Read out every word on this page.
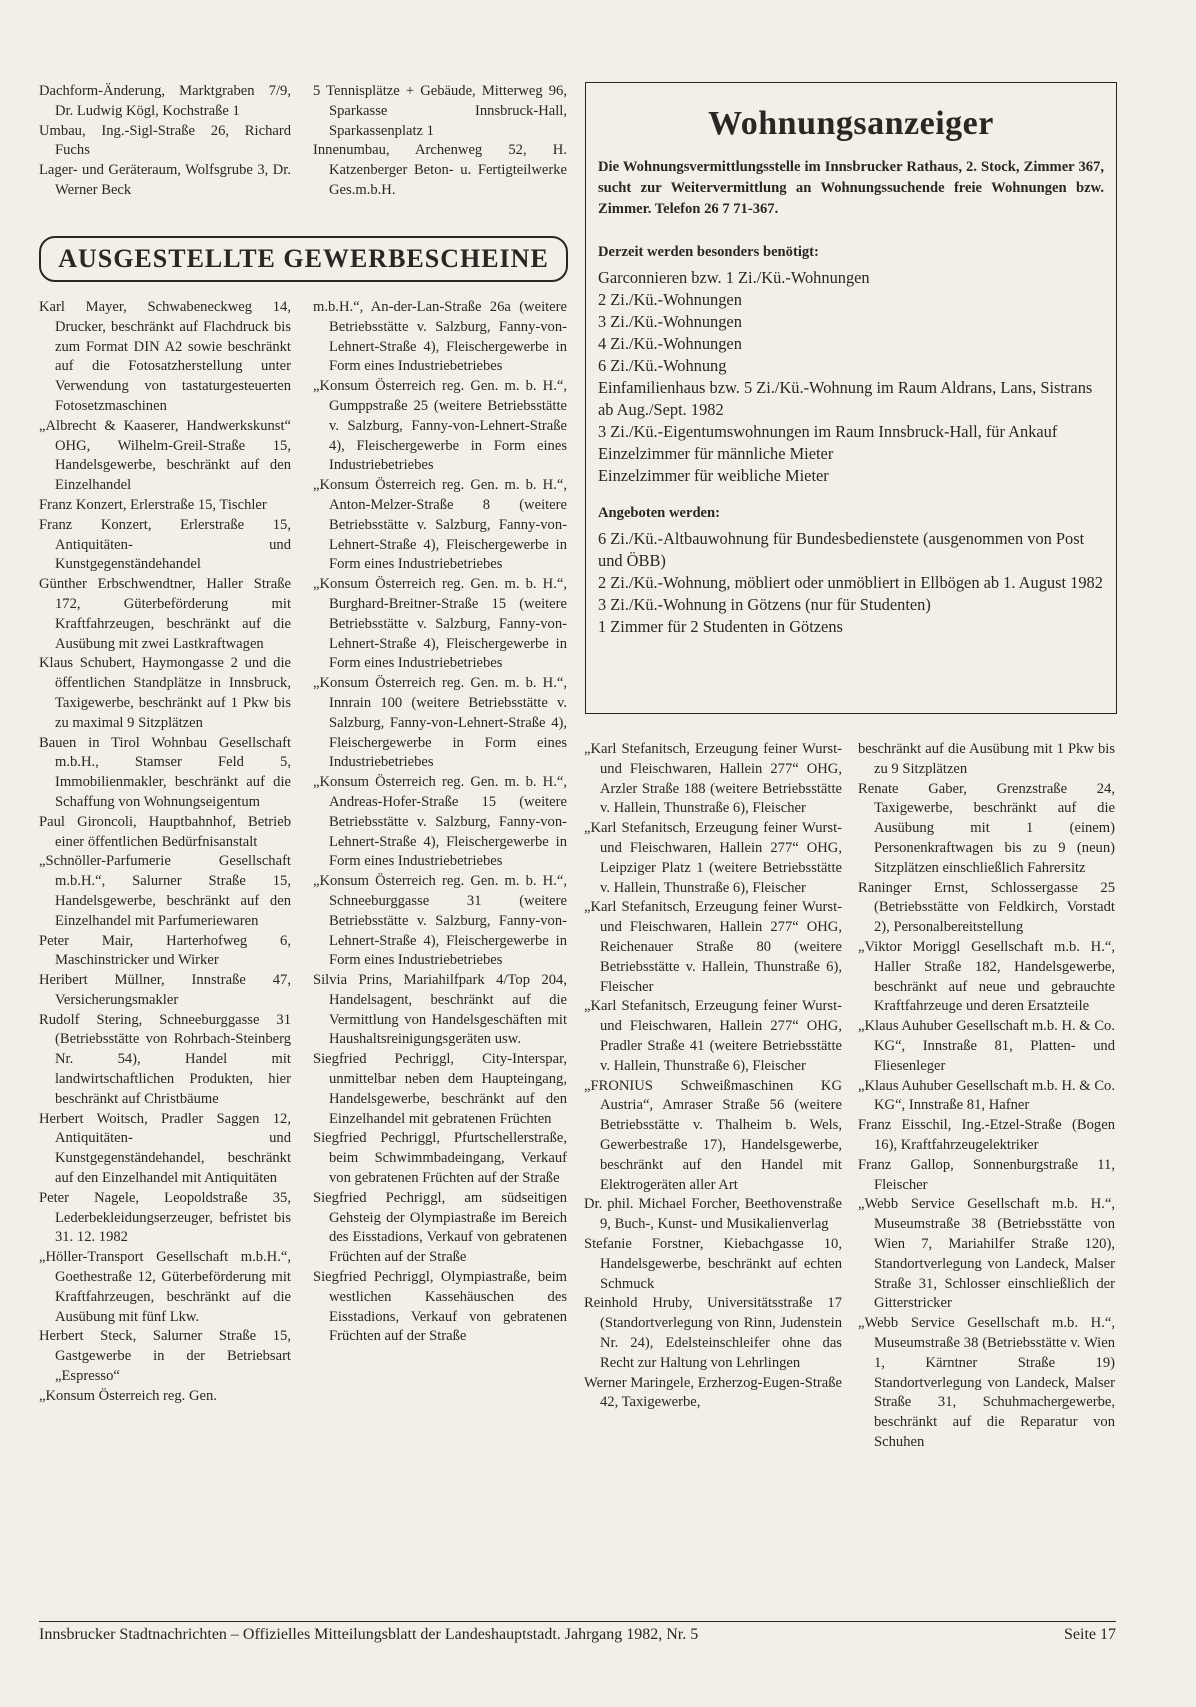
Dachform-Änderung, Marktgraben 7/9, Dr. Ludwig Kögl, Kochstraße 1
Umbau, Ing.-Sigl-Straße 26, Richard Fuchs
Lager- und Geräteraum, Wolfsgrube 3, Dr. Werner Beck
5 Tennisplätze + Gebäude, Mitterweg 96, Sparkasse Innsbruck-Hall, Sparkassenplatz 1
Innenumbau, Archenweg 52, H. Katzenberger Beton- u. Fertigteilwerke Ges.m.b.H.
AUSGESTELLTE GEWERBESCHEINE
Karl Mayer, Schwabeneckweg 14, Drucker, beschränkt auf Flachdruck bis zum Format DIN A2 sowie beschränkt auf die Fotosatzherstellung unter Verwendung von tastaturgesteuerten Fotosetzmaschinen
„Albrecht & Kaaserer, Handwerkskunst“ OHG, Wilhelm-Greil-Straße 15, Handelsgewerbe, beschränkt auf den Einzelhandel
Franz Konzert, Erlerstraße 15, Tischler
Franz Konzert, Erlerstraße 15, Antiquitäten- und Kunstgegenständehandel
Günther Erbschwendtner, Haller Straße 172, Güterbeförderung mit Kraftfahrzeugen, beschränkt auf die Ausübung mit zwei Lastkraftwagen
Klaus Schubert, Haymongasse 2 und die öffentlichen Standplätze in Innsbruck, Taxigewerbe, beschränkt auf 1 Pkw bis zu maximal 9 Sitzplätzen
Bauen in Tirol Wohnbau Gesellschaft m.b.H., Stamser Feld 5, Immobilienmakler, beschränkt auf die Schaffung von Wohnungseigentum
Paul Gironcoli, Hauptbahnhof, Betrieb einer öffentlichen Bedürfnisanstalt
„Schnöller-Parfumerie Gesellschaft m.b.H.“, Salurner Straße 15, Handelsgewerbe, beschränkt auf den Einzelhandel mit Parfumeriewaren
Peter Mair, Harterhofweg 6, Maschinstricker und Wirker
Heribert Müllner, Innstraße 47, Versicherungsmakler
Rudolf Stering, Schneeburggasse 31 (Betriebsstätte von Rohrbach-Steinberg Nr. 54), Handel mit landwirtschaftlichen Produkten, hier beschränkt auf Christbäume
Herbert Woitsch, Pradler Saggen 12, Antiquitäten- und Kunstgegenständehandel, beschränkt auf den Einzelhandel mit Antiquitäten
Peter Nagele, Leopoldstraße 35, Lederbekleidungserzeuger, befristet bis 31. 12. 1982
„Höller-Transport Gesellschaft m.b.H.“, Goethestraße 12, Güterbeförderung mit Kraftfahrzeugen, beschränkt auf die Ausübung mit fünf Lkw.
Herbert Steck, Salurner Straße 15, Gastgewerbe in der Betriebsart „Espresso“
„Konsum Österreich reg. Gen.
m.b.H.“, An-der-Lan-Straße 26a (weitere Betriebsstätte v. Salzburg, Fanny-von-Lehnert-Straße 4), Fleischergewerbe in Form eines Industriebetriebes
„Konsum Österreich reg. Gen. m. b. H.“, Gumppstraße 25 (weitere Betriebsstätte v. Salzburg, Fanny-von-Lehnert-Straße 4), Fleischergewerbe in Form eines Industriebetriebes
„Konsum Österreich reg. Gen. m. b. H.“, Anton-Melzer-Straße 8 (weitere Betriebsstätte v. Salzburg, Fanny-von-Lehnert-Straße 4), Fleischergewerbe in Form eines Industriebetriebes
„Konsum Österreich reg. Gen. m. b. H.“, Burghard-Breitner-Straße 15 (weitere Betriebsstätte v. Salzburg, Fanny-von-Lehnert-Straße 4), Fleischergewerbe in Form eines Industriebetriebes
„Konsum Österreich reg. Gen. m. b. H.“, Innrain 100 (weitere Betriebsstätte v. Salzburg, Fanny-von-Lehnert-Straße 4), Fleischergewerbe in Form eines Industriebetriebes
„Konsum Österreich reg. Gen. m. b. H.“, Andreas-Hofer-Straße 15 (weitere Betriebsstätte v. Salzburg, Fanny-von-Lehnert-Straße 4), Fleischergewerbe in Form eines Industriebetriebes
„Konsum Österreich reg. Gen. m. b. H.“, Schneeburggasse 31 (weitere Betriebsstätte v. Salzburg, Fanny-von-Lehnert-Straße 4), Fleischergewerbe in Form eines Industriebetriebes
Silvia Prins, Mariahilfpark 4/Top 204, Handelsagent, beschränkt auf die Vermittlung von Handelsgeschäften mit Haushaltsreinigungsgeräten usw.
Siegfried Pechriggl, City-Interspar, unmittelbar neben dem Haupteingang, Handelsgewerbe, beschränkt auf den Einzelhandel mit gebratenen Früchten
Siegfried Pechriggl, Pfurtschellerstraße, beim Schwimmbadeingang, Verkauf von gebratenen Früchten auf der Straße
Siegfried Pechriggl, am südseitigen Gehsteig der Olympiastraße im Bereich des Eisstadions, Verkauf von gebratenen Früchten auf der Straße
Siegfried Pechriggl, Olympiastraße, beim westlichen Kassehäuschen des Eisstadions, Verkauf von gebratenen Früchten auf der Straße
Wohnungsanzeiger
Die Wohnungsvermittlungsstelle im Innsbrucker Rathaus, 2. Stock, Zimmer 367, sucht zur Weitervermittlung an Wohnungssuchende freie Wohnungen bzw. Zimmer. Telefon 26 7 71-367.
Derzeit werden besonders benötigt:
Garconnieren bzw. 1 Zi./Kü.-Wohnungen
2 Zi./Kü.-Wohnungen
3 Zi./Kü.-Wohnungen
4 Zi./Kü.-Wohnungen
6 Zi./Kü.-Wohnung
Einfamilienhaus bzw. 5 Zi./Kü.-Wohnung im Raum Aldrans, Lans, Sistrans ab Aug./Sept. 1982
3 Zi./Kü.-Eigentumswohnungen im Raum Innsbruck-Hall, für Ankauf
Einzelzimmer für männliche Mieter
Einzelzimmer für weibliche Mieter
Angeboten werden:
6 Zi./Kü.-Altbauwohnung für Bundesbedienstete (ausgenommen von Post und ÖBB)
2 Zi./Kü.-Wohnung, möbliert oder unmöbliert in Ellbögen ab 1. August 1982
3 Zi./Kü.-Wohnung in Götzens (nur für Studenten)
1 Zimmer für 2 Studenten in Götzens
„Karl Stefanitsch, Erzeugung feiner Wurst- und Fleischwaren, Hallein 277“ OHG, Arzler Straße 188 (weitere Betriebsstätte v. Hallein, Thunstraße 6), Fleischer
„Karl Stefanitsch, Erzeugung feiner Wurst- und Fleischwaren, Hallein 277“ OHG, Leipziger Platz 1 (weitere Betriebsstätte v. Hallein, Thunstraße 6), Fleischer
„Karl Stefanitsch, Erzeugung feiner Wurst- und Fleischwaren, Hallein 277“ OHG, Reichenauer Straße 80 (weitere Betriebsstätte v. Hallein, Thunstraße 6), Fleischer
„Karl Stefanitsch, Erzeugung feiner Wurst- und Fleischwaren, Hallein 277“ OHG, Pradler Straße 41 (weitere Betriebsstätte v. Hallein, Thunstraße 6), Fleischer
„FRONIUS Schweißmaschinen KG Austria“, Amraser Straße 56 (weitere Betriebsstätte v. Thalheim b. Wels, Gewerbestraße 17), Handelsgewerbe, beschränkt auf den Handel mit Elektrogeräten aller Art
Dr. phil. Michael Forcher, Beethovenstraße 9, Buch-, Kunst- und Musikalienverlag
Stefanie Forstner, Kiebachgasse 10, Handelsgewerbe, beschränkt auf echten Schmuck
Reinhold Hruby, Universitätsstraße 17 (Standortverlegung von Rinn, Judenstein Nr. 24), Edelsteinschleifer ohne das Recht zur Haltung von Lehrlingen
Werner Maringele, Erzherzog-Eugen-Straße 42, Taxigewerbe,
beschränkt auf die Ausübung mit 1 Pkw bis zu 9 Sitzplätzen
Renate Gaber, Grenzstraße 24, Taxigewerbe, beschränkt auf die Ausübung mit 1 (einem) Personenkraftwagen bis zu 9 (neun) Sitzplätzen einschließlich Fahrersitz
Raninger Ernst, Schlossergasse 25 (Betriebsstätte von Feldkirch, Vorstadt 2), Personalbereitstellung
„Viktor Moriggl Gesellschaft m.b. H.“, Haller Straße 182, Handelsgewerbe, beschränkt auf neue und gebrauchte Kraftfahrzeuge und deren Ersatzteile
„Klaus Auhuber Gesellschaft m.b. H. & Co. KG“, Innstraße 81, Platten- und Fliesenleger
„Klaus Auhuber Gesellschaft m.b. H. & Co. KG“, Innstraße 81, Hafner
Franz Eisschil, Ing.-Etzel-Straße (Bogen 16), Kraftfahrzeugelektriker
Franz Gallop, Sonnenburgstraße 11, Fleischer
„Webb Service Gesellschaft m.b. H.“, Museumstraße 38 (Betriebsstätte von Wien 7, Mariahilfer Straße 120), Standortverlegung von Landeck, Malser Straße 31, Schlosser einschließlich der Gitterstricker
„Webb Service Gesellschaft m.b. H.“, Museumstraße 38 (Betriebsstätte v. Wien 1, Kärntner Straße 19) Standortverlegung von Landeck, Malser Straße 31, Schuhmachergewerbe, beschränkt auf die Reparatur von Schuhen
Innsbrucker Stadtnachrichten – Offizielles Mitteilungsblatt der Landeshauptstadt. Jahrgang 1982, Nr. 5	Seite 17
